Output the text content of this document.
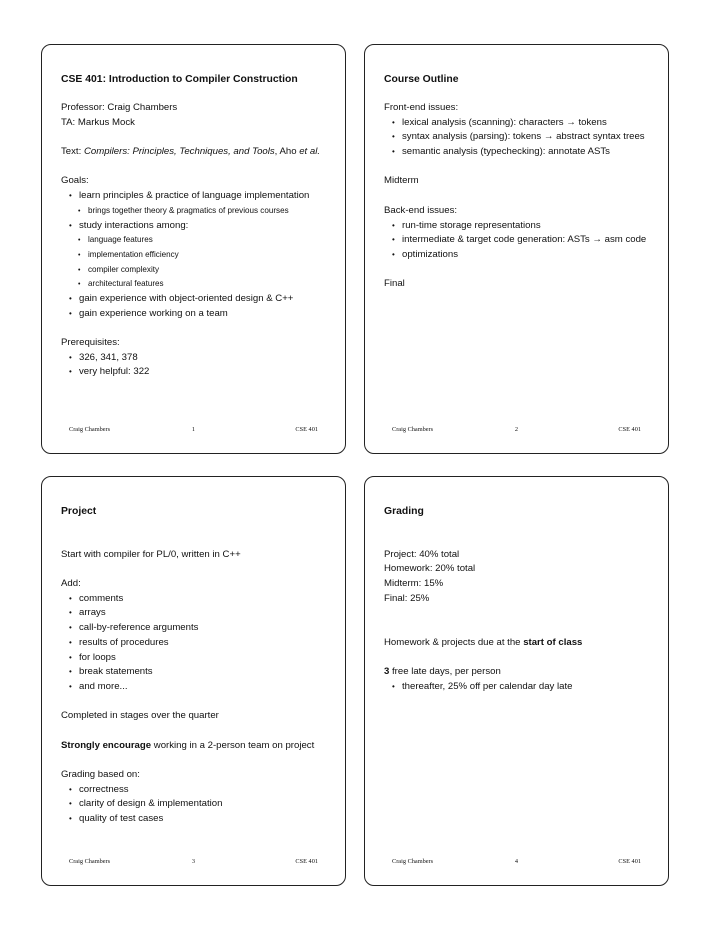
CSE 401: Introduction to Compiler Construction
Professor: Craig Chambers
TA: Markus Mock
Text: Compilers: Principles, Techniques, and Tools, Aho et al.
Goals:
• learn principles & practice of language implementation
• brings together theory & pragmatics of previous courses
• study interactions among:
• language features
• implementation efficiency
• compiler complexity
• architectural features
• gain experience with object-oriented design & C++
• gain experience working on a team
Prerequisites:
• 326, 341, 378
• very helpful: 322
Craig Chambers	1	CSE 401
Course Outline
Front-end issues:
• lexical analysis (scanning): characters → tokens
• syntax analysis (parsing): tokens → abstract syntax trees
• semantic analysis (typechecking): annotate ASTs
Midterm
Back-end issues:
• run-time storage representations
• intermediate & target code generation: ASTs → asm code
• optimizations
Final
Craig Chambers	2	CSE 401
Project
Start with compiler for PL/0, written in C++
Add:
• comments
• arrays
• call-by-reference arguments
• results of procedures
• for loops
• break statements
• and more...
Completed in stages over the quarter
Strongly encourage working in a 2-person team on project
Grading based on:
• correctness
• clarity of design & implementation
• quality of test cases
Craig Chambers	3	CSE 401
Grading
Project: 40% total
Homework: 20% total
Midterm: 15%
Final: 25%
Homework & projects due at the start of class
3 free late days, per person
• thereafter, 25% off per calendar day late
Craig Chambers	4	CSE 401
